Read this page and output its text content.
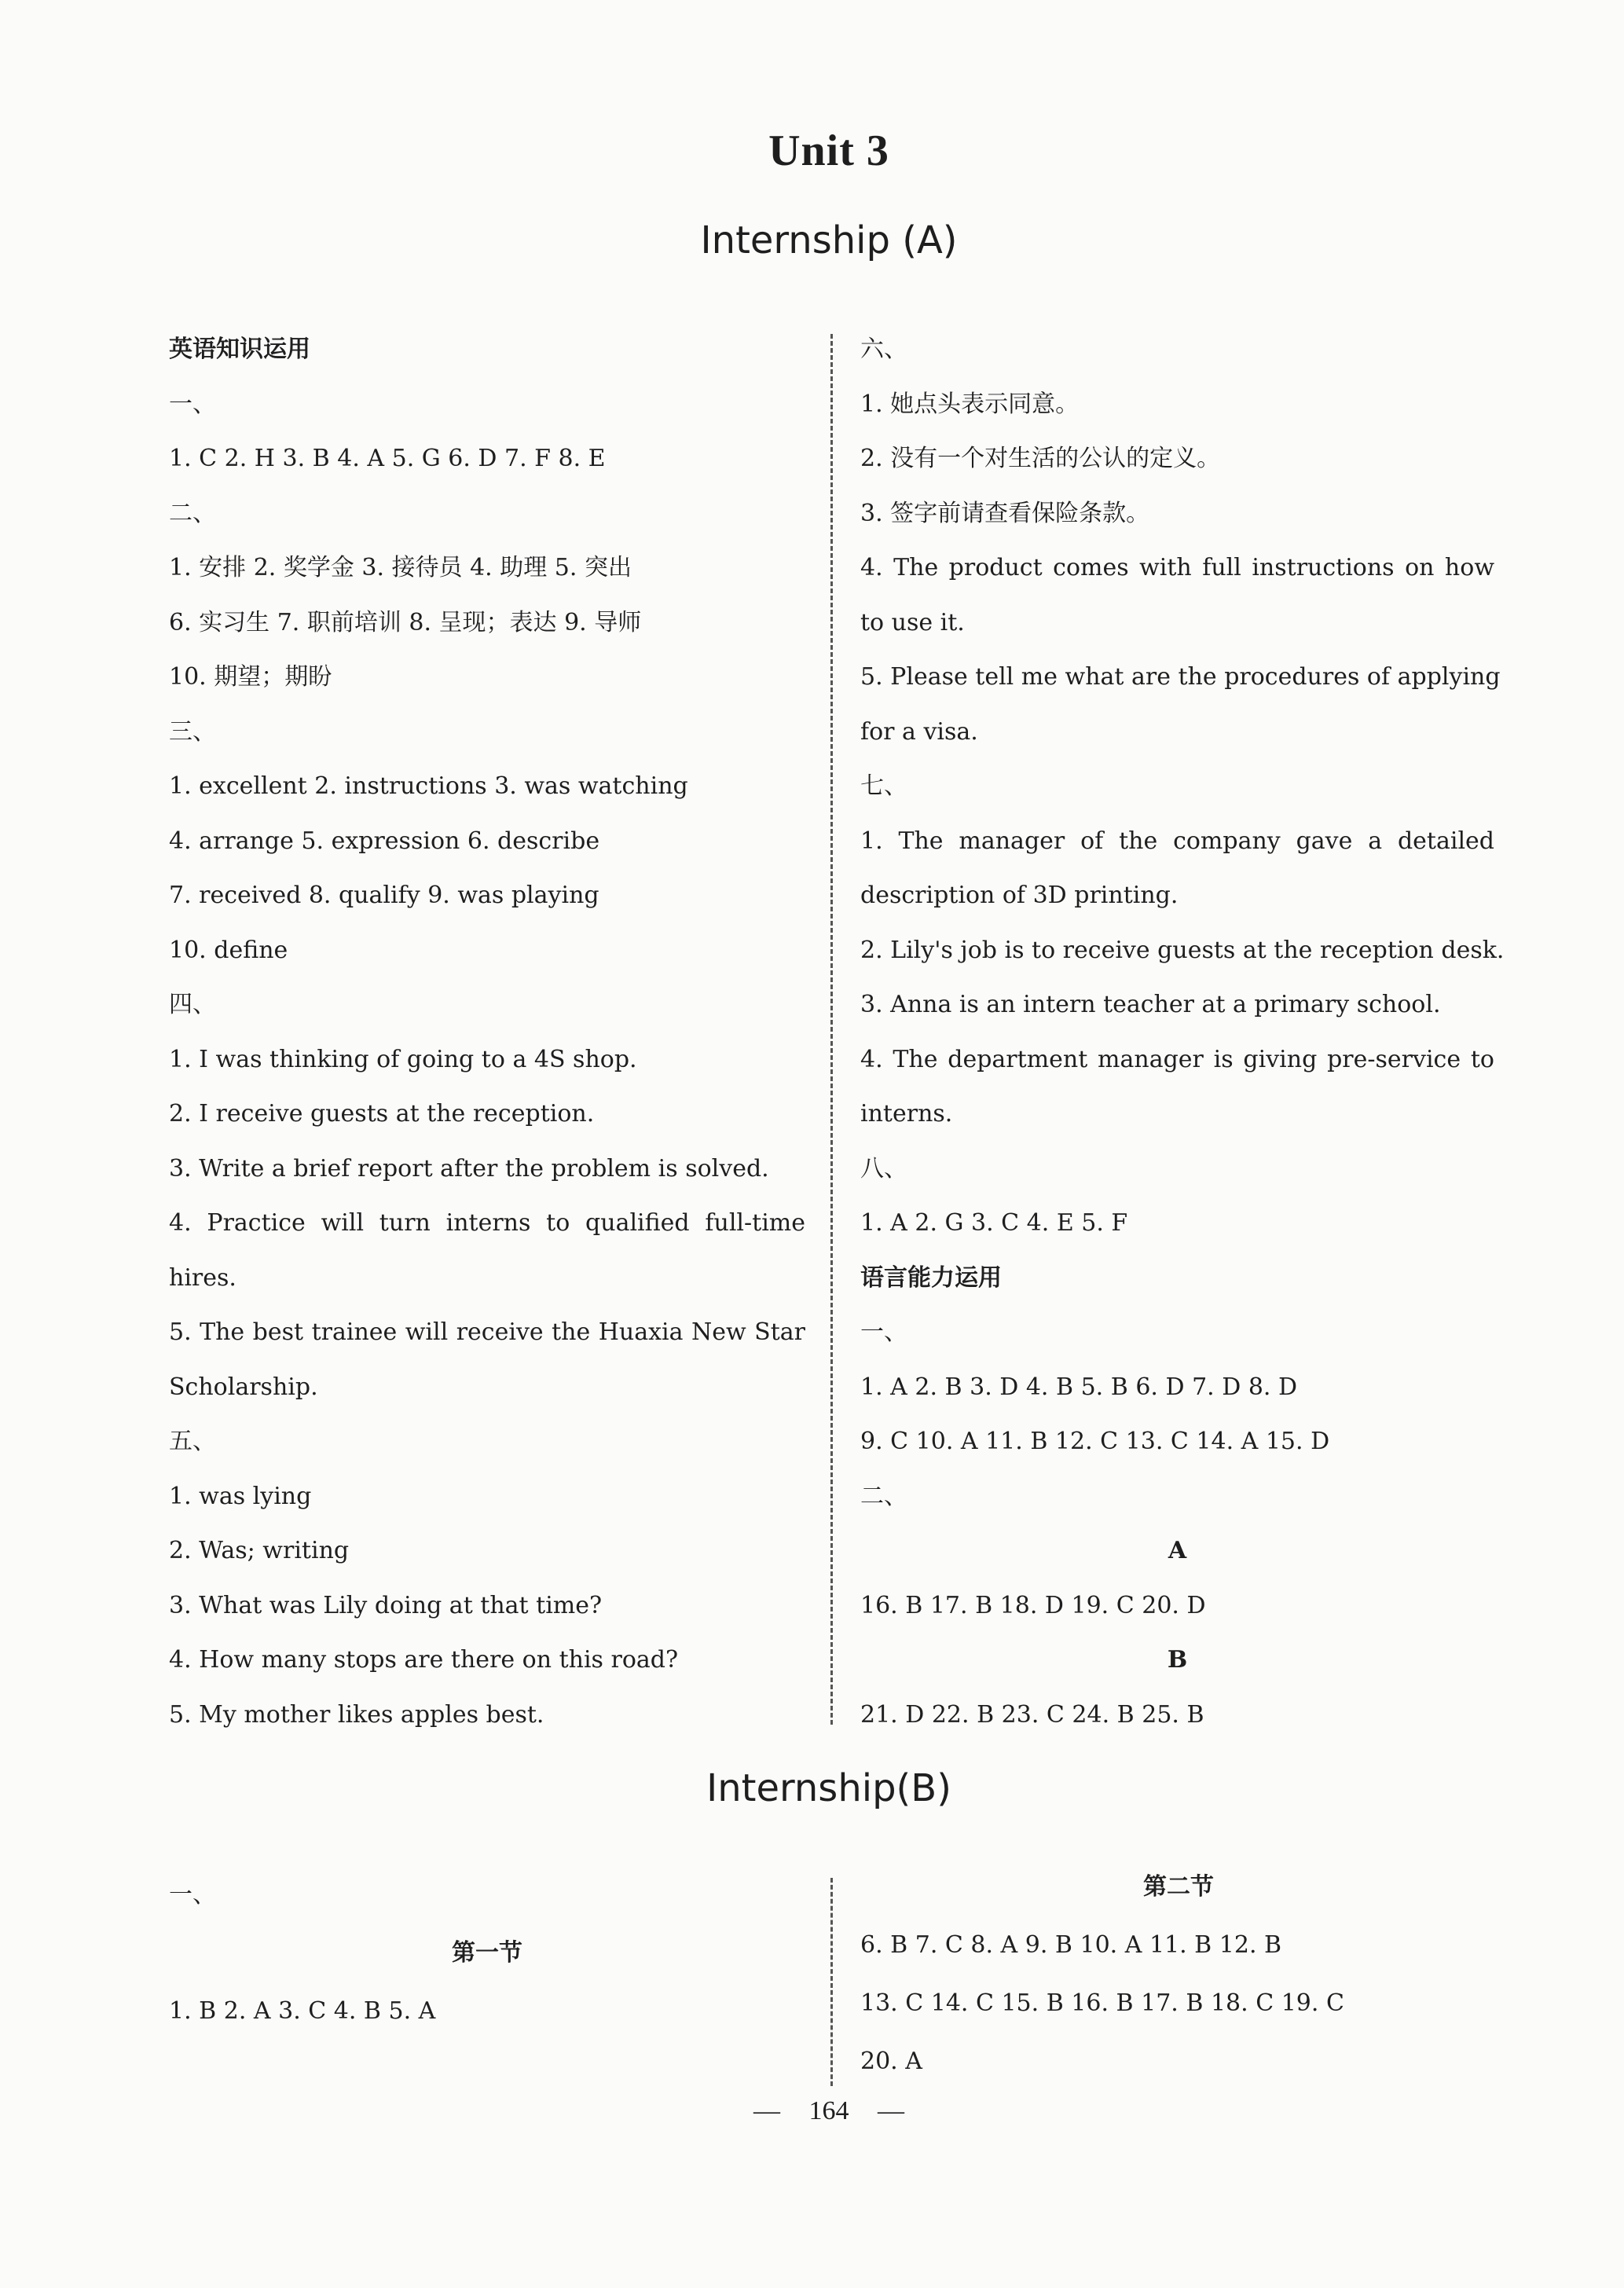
Unit 3
Internship (A)
英语知识运用
一、
1. C 2. H 3. B 4. A 5. G 6. D 7. F 8. E
二、
1. 安排 2. 奖学金 3. 接待员 4. 助理 5. 突出
6. 实习生 7. 职前培训 8. 呈现；表达 9. 导师
10. 期望；期盼
三、
1. excellent 2. instructions 3. was watching
4. arrange 5. expression 6. describe
7. received 8. qualify 9. was playing
10. define
四、
1. I was thinking of going to a 4S shop.
2. I receive guests at the reception.
3. Write a brief report after the problem is solved.
4. Practice will turn interns to qualified full-time
hires.
5. The best trainee will receive the Huaxia New Star
Scholarship.
五、
1. was lying
2. Was; writing
3. What was Lily doing at that time?
4. How many stops are there on this road?
5. My mother likes apples best.
六、
1. 她点头表示同意。
2. 没有一个对生活的公认的定义。
3. 签字前请查看保险条款。
4. The product comes with full instructions on how
to use it.
5. Please tell me what are the procedures of applying
for a visa.
七、
1. The manager of the company gave a detailed
description of 3D printing.
2. Lily's job is to receive guests at the reception desk.
3. Anna is an intern teacher at a primary school.
4. The department manager is giving pre-service to
interns.
八、
1. A 2. G 3. C 4. E 5. F
语言能力运用
一、
1. A 2. B 3. D 4. B 5. B 6. D 7. D 8. D
9. C 10. A 11. B 12. C 13. C 14. A 15. D
二、
A
16. B 17. B 18. D 19. C 20. D
B
21. D 22. B 23. C 24. B 25. B
Internship(B)
一、
第一节
1. B 2. A 3. C 4. B 5. A
第二节
6. B 7. C 8. A 9. B 10. A 11. B 12. B
13. C 14. C 15. B 16. B 17. B 18. C 19. C
20. A
— 164 —
